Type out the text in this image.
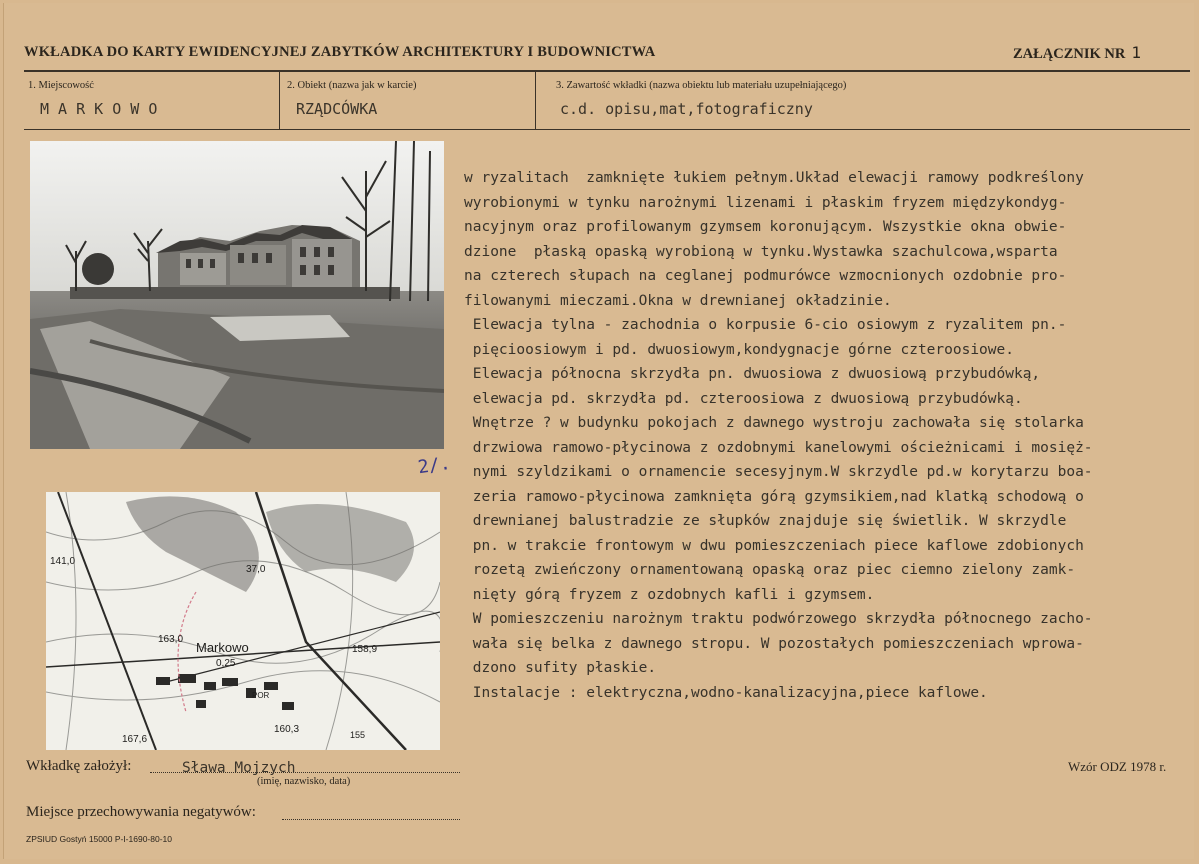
WKŁADKA DO KARTY EWIDENCYJNEJ ZABYTKÓW ARCHITEKTURY I BUDOWNICTWA	ZAŁĄCZNIK NR 1
1. Miejscowość
M A R K O W O
2. Obiekt (nazwa jak w karcie)
RZĄDCÓWKA
3. Zawartość wkładki (nazwa obiektu lub materiału uzupełniającego)
c.d. opisu,mat,fotograficzny
2/.
141,0
37,0
163,0
Markowo	158,9
0,25
POR
167,6
160,3	155
w ryzalitach  zamknięte łukiem pełnym.Układ elewacji ramowy podkreślony
wyrobionymi w tynku narożnymi lizenami i płaskim fryzem międzykondyg-
nacyjnym oraz profilowanym gzymsem koronującym. Wszystkie okna obwie-
dzione  płaską opaską wyrobioną w tynku.Wystawka szachulcowa,wsparta
na czterech słupach na ceglanej podmurówce wzmocnionych ozdobnie pro-
filowanymi mieczami.Okna w drewnianej okładzinie.
Elewacja tylna - zachodnia o korpusie 6-cio osiowym z ryzalitem pn.-
pięcioosiowym i pd. dwuosiowym,kondygnacje górne czteroosiowe.
Elewacja północna skrzydła pn. dwuosiowa z dwuosiową przybudówką,
elewacja pd. skrzydła pd. czteroosiowa z dwuosiową przybudówką.
Wnętrze ? w budynku pokojach z dawnego wystroju zachowała się stolarka
drzwiowa ramowo-płycinowa z ozdobnymi kanelowymi ościeżnicami i mosięż-
nymi szyldzikami o ornamencie secesyjnym.W skrzydle pd.w korytarzu boa-
zeria ramowo-płycinowa zamknięta górą gzymsikiem,nad klatką schodową o
drewnianej balustradzie ze słupków znajduje się świetlik. W skrzydle
pn. w trakcie frontowym w dwu pomieszczeniach piece kaflowe zdobionych
rozetą zwieńczony ornamentowaną opaską oraz piec ciemno zielony zamk-
nięty górą fryzem z ozdobnych kafli i gzymsem.
W pomieszczeniu narożnym traktu podwórzowego skrzydła północnego zacho-
wała się belka z dawnego stropu. W pozostałych pomieszczeniach wprowa-
dzono sufity płaskie.
Instalacje : elektryczna,wodno-kanalizacyjna,piece kaflowe.
Wkładkę założył:	Sława Mojzych
(imię, nazwisko, data)
Wzór ODZ 1978 r.
Miejsce przechowywania negatywów:
ZPSIUD Gostyń 15000 P-I-1690-80-10
